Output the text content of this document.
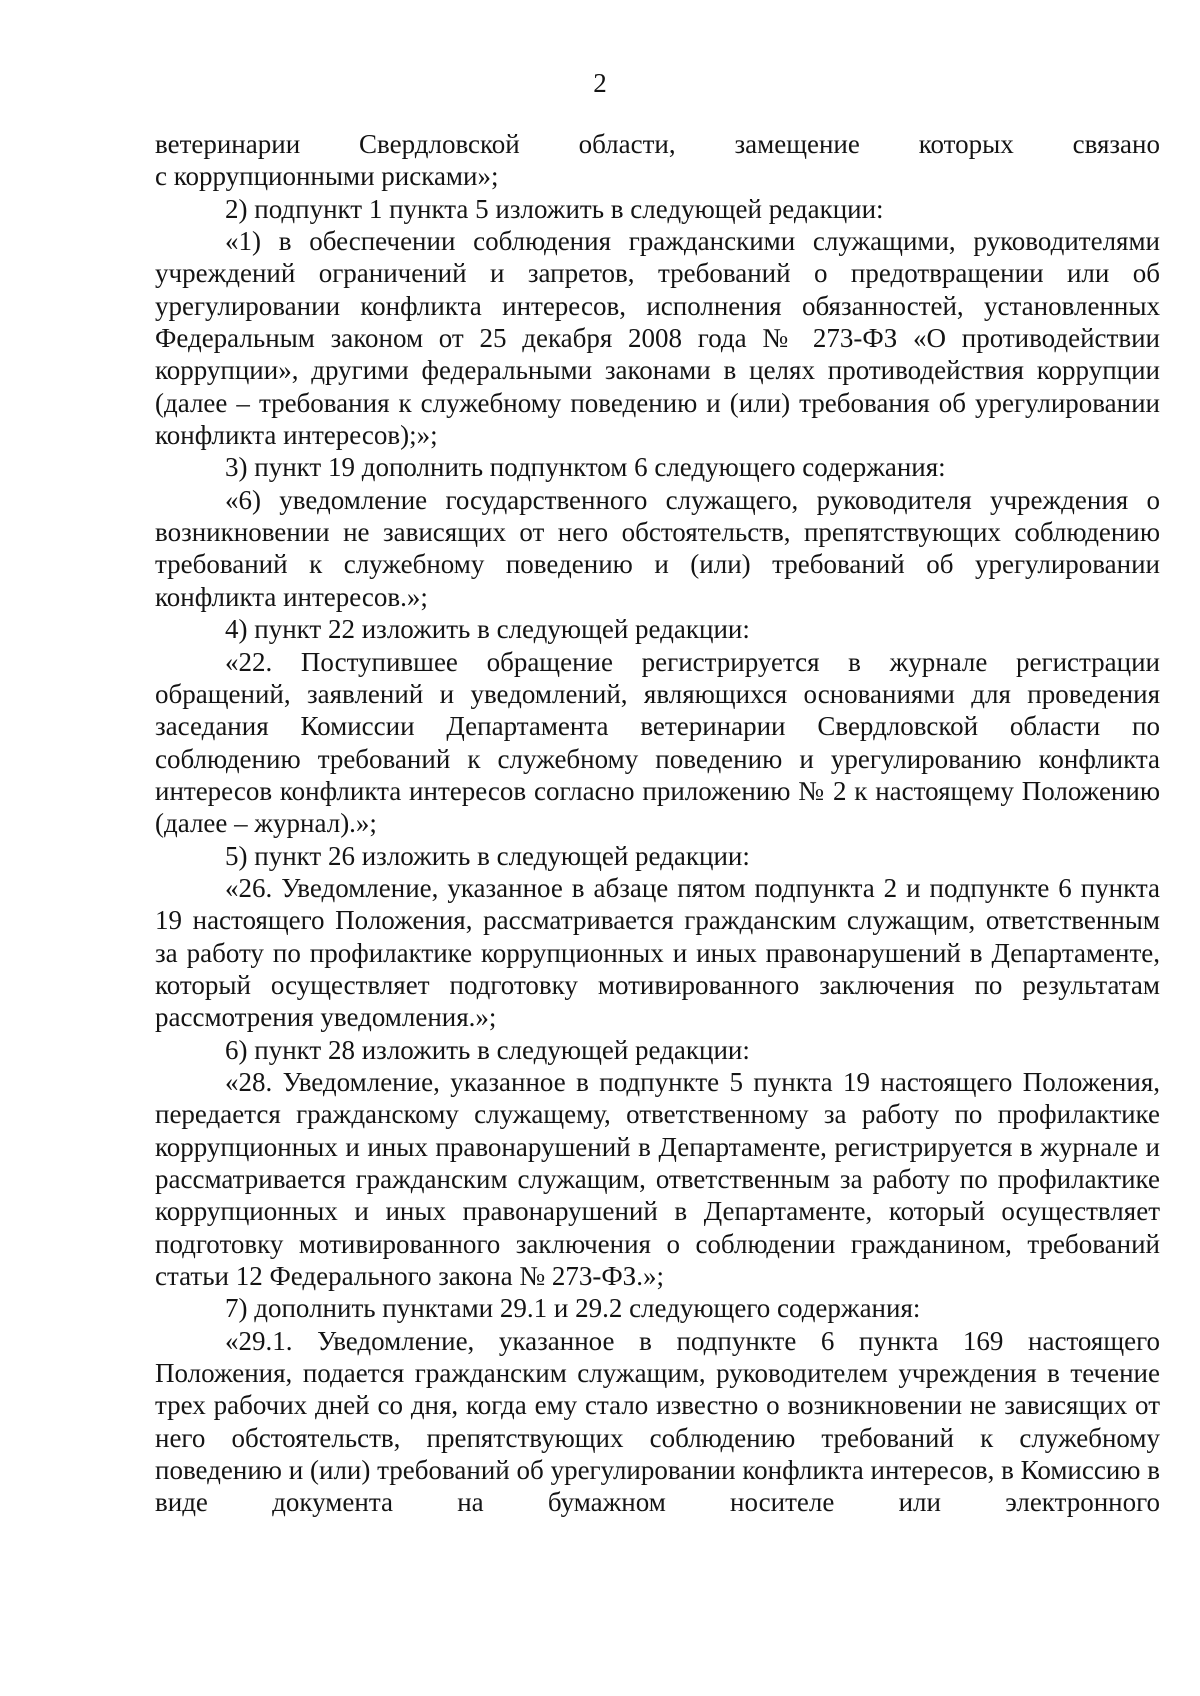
2

ветеринарии Свердловской области, замещение которых связано

с коррупционными рисками»;

2) подпункт 1 пункта 5 изложить в следующей редакции:

«1) в обеспечении соблюдения гражданскими служащими, руководителями учреждений ограничений и запретов, требований о предотвращении или об урегулировании конфликта интересов, исполнения обязанностей, установленных Федеральным законом от 25 декабря 2008 года № 273-ФЗ «О противодействии коррупции», другими федеральными законами в целях противодействия коррупции (далее – требования к служебному поведению и (или) требования об урегулировании конфликта интересов);»;

3) пункт 19 дополнить подпунктом 6 следующего содержания:

«6) уведомление государственного служащего, руководителя учреждения о возникновении не зависящих от него обстоятельств, препятствующих соблюдению требований к служебному поведению и (или) требований об урегулировании конфликта интересов.»;

4) пункт 22 изложить в следующей редакции:

«22. Поступившее обращение регистрируется в журнале регистрации обращений, заявлений и уведомлений, являющихся основаниями для проведения заседания Комиссии Департамента ветеринарии Свердловской области по соблюдению требований к служебному поведению и урегулированию конфликта интересов конфликта интересов согласно приложению № 2 к настоящему Положению (далее – журнал).»;

5) пункт 26 изложить в следующей редакции:

«26. Уведомление, указанное в абзаце пятом подпункта 2 и подпункте 6 пункта 19 настоящего Положения, рассматривается гражданским служащим, ответственным за работу по профилактике коррупционных и иных правонарушений в Департаменте, который осуществляет подготовку мотивированного заключения по результатам рассмотрения уведомления.»;

6) пункт 28 изложить в следующей редакции:

«28. Уведомление, указанное в подпункте 5 пункта 19 настоящего Положения, передается гражданскому служащему, ответственному за работу по профилактике коррупционных и иных правонарушений в Департаменте, регистрируется в журнале и рассматривается гражданским служащим, ответственным за работу по профилактике коррупционных и иных правонарушений в Департаменте, который осуществляет подготовку мотивированного заключения о соблюдении гражданином, требований статьи 12 Федерального закона № 273-ФЗ.»;

7) дополнить пунктами 29.1 и 29.2 следующего содержания:

«29.1. Уведомление, указанное в подпункте 6 пункта 169 настоящего Положения, подается гражданским служащим, руководителем учреждения в течение трех рабочих дней со дня, когда ему стало известно о возникновении не зависящих от него обстоятельств, препятствующих соблюдению требований к служебному поведению и (или) требований об урегулировании конфликта интересов, в Комиссию в виде документа на бумажном носителе или электронного
